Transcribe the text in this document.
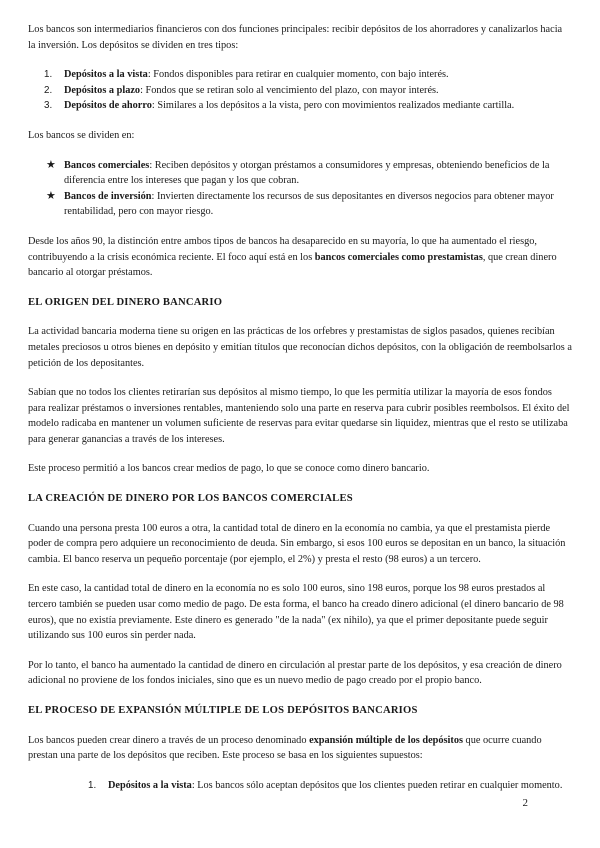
Los bancos son intermediarios financieros con dos funciones principales: recibir depósitos de los ahorradores y canalizarlos hacia la inversión. Los depósitos se dividen en tres tipos:

1. Depósitos a la vista: Fondos disponibles para retirar en cualquier momento, con bajo interés.
2. Depósitos a plazo: Fondos que se retiran solo al vencimiento del plazo, con mayor interés.
3. Depósitos de ahorro: Similares a los depósitos a la vista, pero con movimientos realizados mediante cartilla.

Los bancos se dividen en:

★ Bancos comerciales: Reciben depósitos y otorgan préstamos a consumidores y empresas, obteniendo beneficios de la diferencia entre los intereses que pagan y los que cobran.
★ Bancos de inversión: Invierten directamente los recursos de sus depositantes en diversos negocios para obtener mayor rentabilidad, pero con mayor riesgo.

Desde los años 90, la distinción entre ambos tipos de bancos ha desaparecido en su mayoría, lo que ha aumentado el riesgo, contribuyendo a la crisis económica reciente. El foco aquí está en los bancos comerciales como prestamistas, que crean dinero bancario al otorgar préstamos.

EL ORIGEN DEL DINERO BANCARIO

La actividad bancaria moderna tiene su origen en las prácticas de los orfebres y prestamistas de siglos pasados, quienes recibían metales preciosos u otros bienes en depósito y emitían títulos que reconocían dichos depósitos, con la obligación de reembolsarlos a petición de los depositantes.

Sabían que no todos los clientes retirarían sus depósitos al mismo tiempo, lo que les permitía utilizar la mayoría de esos fondos para realizar préstamos o inversiones rentables, manteniendo solo una parte en reserva para cubrir posibles reembolsos. El éxito del modelo radicaba en mantener un volumen suficiente de reservas para evitar quedarse sin liquidez, mientras que el resto se utilizaba para generar ganancias a través de los intereses.

Este proceso permitió a los bancos crear medios de pago, lo que se conoce como dinero bancario.

LA CREACIÓN DE DINERO POR LOS BANCOS COMERCIALES

Cuando una persona presta 100 euros a otra, la cantidad total de dinero en la economía no cambia, ya que el prestamista pierde poder de compra pero adquiere un reconocimiento de deuda. Sin embargo, si esos 100 euros se depositan en un banco, la situación cambia. El banco reserva un pequeño porcentaje (por ejemplo, el 2%) y presta el resto (98 euros) a un tercero.

En este caso, la cantidad total de dinero en la economía no es solo 100 euros, sino 198 euros, porque los 98 euros prestados al tercero también se pueden usar como medio de pago. De esta forma, el banco ha creado dinero adicional (el dinero bancario de 98 euros), que no existía previamente. Este dinero es generado "de la nada" (ex nihilo), ya que el primer depositante puede seguir utilizando sus 100 euros sin perder nada.

Por lo tanto, el banco ha aumentado la cantidad de dinero en circulación al prestar parte de los depósitos, y esa creación de dinero adicional no proviene de los fondos iniciales, sino que es un nuevo medio de pago creado por el propio banco.

EL PROCESO DE EXPANSIÓN MÚLTIPLE DE LOS DEPÓSITOS BANCARIOS

Los bancos pueden crear dinero a través de un proceso denominado expansión múltiple de los depósitos que ocurre cuando prestan una parte de los depósitos que reciben. Este proceso se basa en los siguientes supuestos:

1. Depósitos a la vista: Los bancos sólo aceptan depósitos que los clientes pueden retirar en cualquier momento.
2
